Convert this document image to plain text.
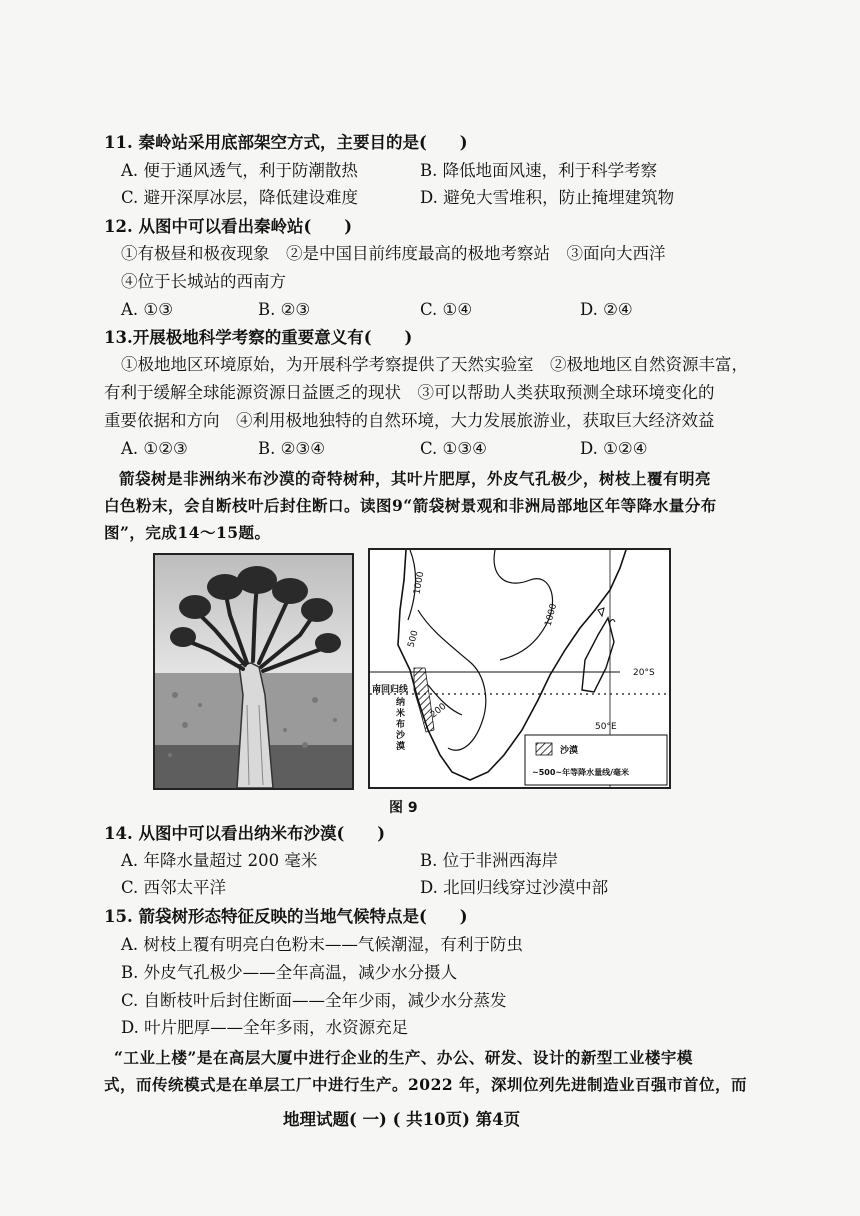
11. 秦岭站采用底部架空方式，主要目的是(　　)
A. 便于通风透气，利于防潮散热	B. 降低地面风速，利于科学考察
C. 避开深厚冰层，降低建设难度	D. 避免大雪堆积，防止掩埋建筑物
12. 从图中可以看出秦岭站(　　)
①有极昼和极夜现象　②是中国目前纬度最高的极地考察站　③面向大西洋
④位于长城站的西南方
A. ①③	B. ②③	C. ①④	D. ②④
13.开展极地科学考察的重要意义有(　　)
①极地地区环境原始，为开展科学考察提供了天然实验室　②极地地区自然资源丰富，
有利于缓解全球能源资源日益匮乏的现状　③可以帮助人类获取预测全球环境变化的
重要依据和方向　④利用极地独特的自然环境，大力发展旅游业，获取巨大经济效益
A. ①②③	B. ②③④	C. ①③④	D. ①②④
箭袋树是非洲纳米布沙漠的奇特树种，其叶片肥厚，外皮气孔极少，树枝上覆有明亮
白色粉末，会自断枝叶后封住断口。读图9“箭袋树景观和非洲局部地区年等降水量分布
图”，完成14～15题。
1000
1000
500
200
20°S
50°E
南回归线
纳
米
布
沙
漠	沙漠
~500~年等降水量线/毫米
图 9
14. 从图中可以看出纳米布沙漠(　　)
A. 年降水量超过 200 毫米	B. 位于非洲西海岸
C. 西邻太平洋	D. 北回归线穿过沙漠中部
15. 箭袋树形态特征反映的当地气候特点是(　　)
A. 树枝上覆有明亮白色粉末——气候潮湿，有利于防虫
B. 外皮气孔极少——全年高温，减少水分摄人
C. 自断枝叶后封住断面——全年少雨，减少水分蒸发
D. 叶片肥厚——全年多雨，水资源充足
“工业上楼”是在高层大厦中进行企业的生产、办公、研发、设计的新型工业楼宇模
式，而传统模式是在单层工厂中进行生产。2022 年，深圳位列先进制造业百强市首位，而
地理试题( 一) ( 共10页) 第4页
